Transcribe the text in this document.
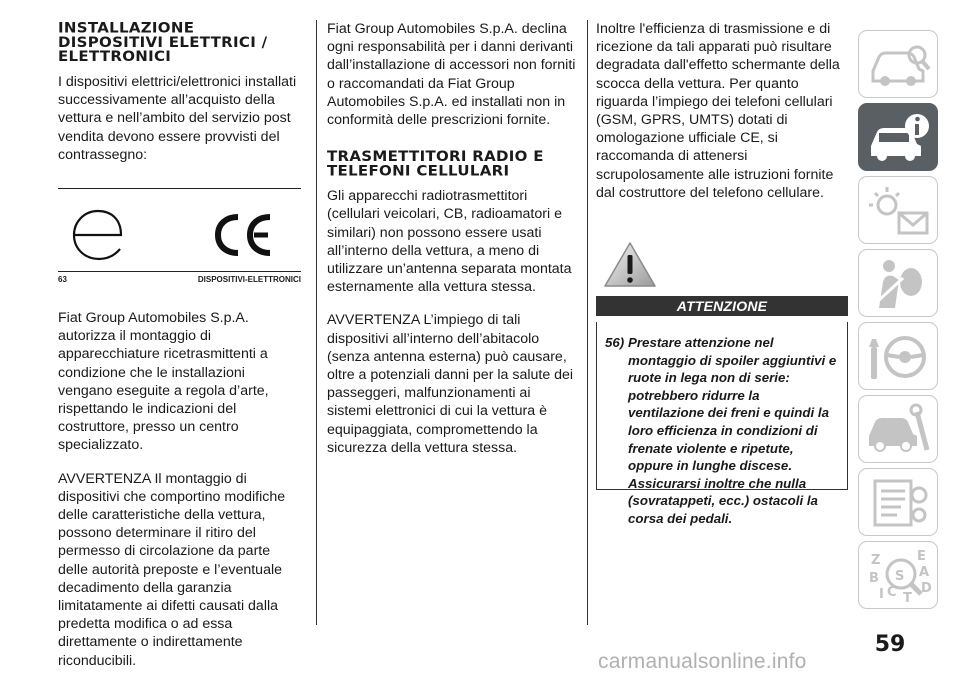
INSTALLAZIONE DISPOSITIVI ELETTRICI / ELETTRONICI

I dispositivi elettrici/elettronici installati successivamente all’acquisto della vettura e nell’ambito del servizio post vendita devono essere provvisti del contrassegno:

63	DISPOSITIVI-ELETTRONICI

Fiat Group Automobiles S.p.A. autorizza il montaggio di apparecchiature ricetrasmittenti a condizione che le installazioni vengano eseguite a regola d’arte, rispettando le indicazioni del costruttore, presso un centro specializzato.

AVVERTENZA Il montaggio di dispositivi che comportino modifiche delle caratteristiche della vettura, possono determinare il ritiro del permesso di circolazione da parte delle autorità preposte e l’eventuale decadimento della garanzia limitatamente ai difetti causati dalla predetta modifica o ad essa direttamente o indirettamente riconducibili.

Fiat Group Automobiles S.p.A. declina ogni responsabilità per i danni derivanti dall’installazione di accessori non forniti o raccomandati da Fiat Group Automobiles S.p.A. ed installati non in conformità delle prescrizioni fornite.

TRASMETTITORI RADIO E TELEFONI CELLULARI

Gli apparecchi radiotrasmettitori (cellulari veicolari, CB, radioamatori e similari) non possono essere usati all’interno della vettura, a meno di utilizzare un’antenna separata montata esternamente alla vettura stessa.

AVVERTENZA L’impiego di tali dispositivi all’interno dell’abitacolo (senza antenna esterna) può causare, oltre a potenziali danni per la salute dei passeggeri, malfunzionamenti ai sistemi elettronici di cui la vettura è equipaggiata, compromettendo la sicurezza della vettura stessa.

Inoltre l'efficienza di trasmissione e di ricezione da tali apparati può risultare degradata dall'effetto schermante della scocca della vettura. Per quanto riguarda l’impiego dei telefoni cellulari (GSM, GPRS, UMTS) dotati di omologazione ufficiale CE, si raccomanda di attenersi scrupolosamente alle istruzioni fornite dal costruttore del telefono cellulare.

ATTENZIONE
56) Prestare attenzione nel montaggio di spoiler aggiuntivi e ruote in lega non di serie: potrebbero ridurre la ventilazione dei freni e quindi la loro efficienza in condizioni di frenate violente e ripetute, oppure in lunghe discese. Assicurarsi inoltre che nulla (sovratappeti, ecc.) ostacoli la corsa dei pedali.
Z	E
S A
B
I C T
D
59
carmanualsonline.info
